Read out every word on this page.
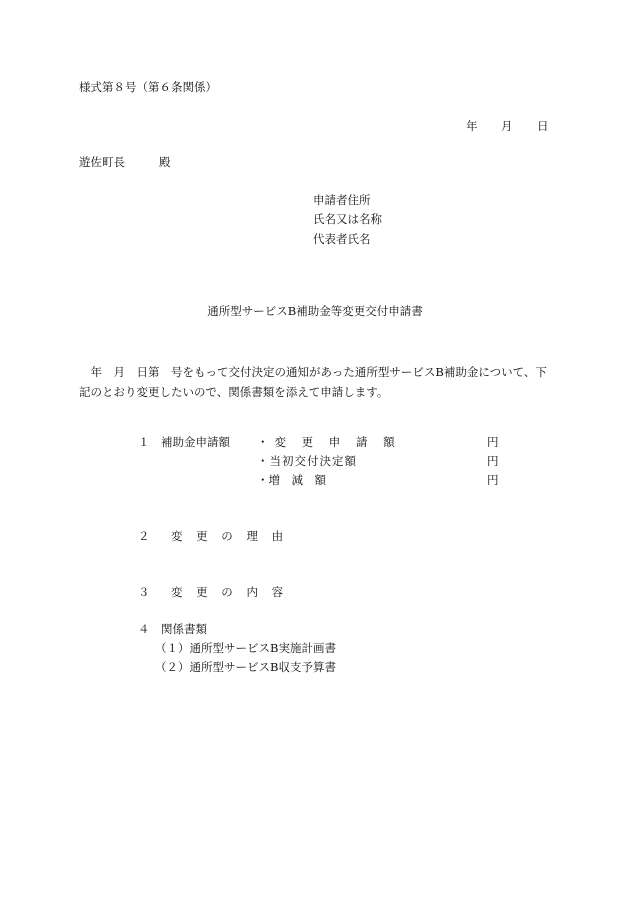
様式第８号（第６条関係）
年 月 日
遊佐町長	殿
申請者住所
氏名又は名称
代表者氏名
通所型サービスB補助金等変更交付申請書
　年　月　日第　号をもって交付決定の通知があった通所型サービスB補助金について、下記のとおり変更したいので、関係書類を添えて申請します。
１　補助金申請額 ・変 更 申 請 額	円
・当初交付決定額	円
・増　減　額	円
２　変 更 の 理 由
３　変 更 の 内 容
４　関係書類
（１）通所型サービスB実施計画書
（２）通所型サービスB収支予算書
